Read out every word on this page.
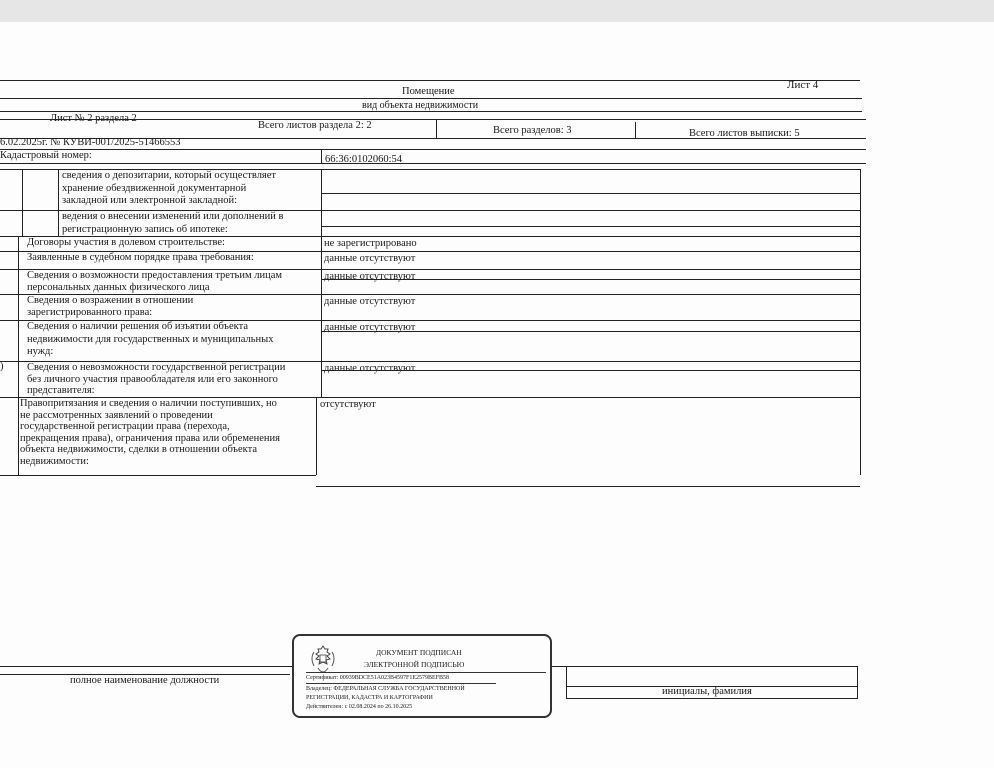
Лист 4
Помещение
вид объекта недвижимости
Лист № 2 раздела 2
Всего листов раздела 2: 2	Всего разделов: 3	Всего листов выписки: 5
6.02.2025г. № КУВИ-001/2025-51466553
Кадастровый номер:	66:36:0102060:54
сведения о депозитарии, который осуществляет
хранение обездвиженной документарной
закладной или электронной закладной:
ведения о внесении изменений или дополнений в
регистрационную запись об ипотеке:
Договоры участия в долевом строительстве:	не зарегистрировано
Заявленные в судебном порядке права требования:	данные отсутствуют
Сведения о возможности предоставления третьим лицам
персональных данных физического лица
данные отсутствуют
Сведения о возражении в отношении
зарегистрированного права:
данные отсутствуют
Сведения о наличии решения об изъятии объекта
недвижимости для государственных и муниципальных
нужд:
данные отсутствуют
Сведения о невозможности государственной регистрации
без личного участия правообладателя или его законного
представителя:
данные отсутствуют
Правопритязания и сведения о наличии поступивших, но
не рассмотренных заявлений о проведении
государственной регистрации права (перехода,
прекращения права), ограничения права или обременения
объекта недвижимости, сделки в отношении объекта
недвижимости:
отсутствуют
)
полное наименование должности
инициалы, фамилия
ДОКУМЕНТ ПОДПИСАН
ЭЛЕКТРОННОЙ ПОДПИСЬЮ
Сертификат: 00939BDCE51A023B4597F1E2579BEFB58
Владелец: ФЕДЕРАЛЬНАЯ СЛУЖБА ГОСУДАРСТВЕННОЙ
РЕГИСТРАЦИИ, КАДАСТРА И КАРТОГРАФИИ
Действителен: с 02.08.2024 по 26.10.2025
